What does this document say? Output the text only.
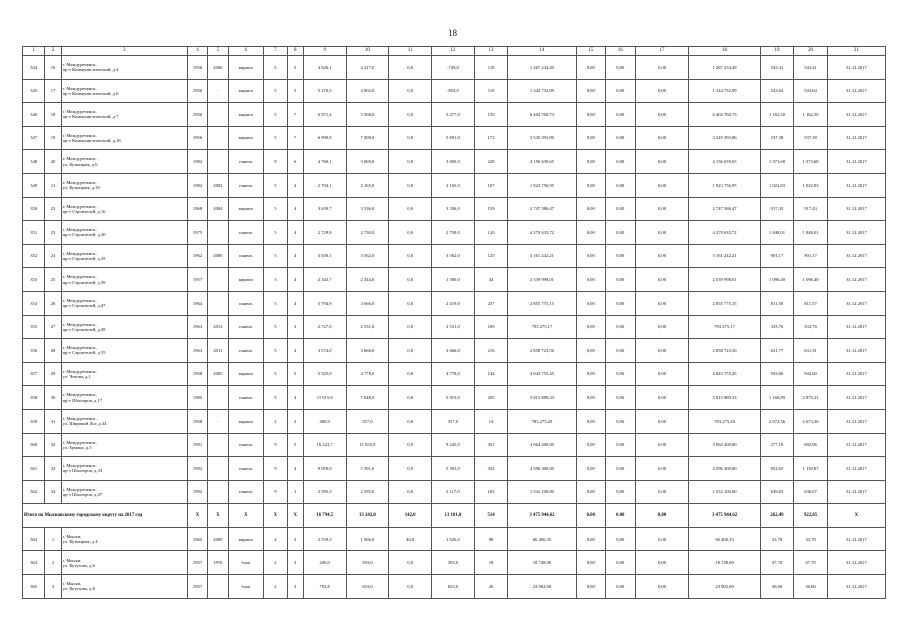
18
1	2	3	4	5	6	7	8	9	10	11	12	13	14	15	16	17	18	19	20	21
344	16	г. Междуреченск,
пр-т Коммунистический, д.4	1956	2006	кирпич	5	5	4 626,1	4 217,0	0,0	-749,0	110	1 267 234,49	0,00	0,00	0,00	1 267 234,49	543,41	543,41	31.12.2017
345	17	г. Междуреченск,
пр-т Коммунистический, д.6	1956	-	кирпич	5	5	5 270,3	4 802,0	0,0	-854,0	119	1 344 732,99	0,00	0,00	0,00	1 344 732,99	543,64	543,64	31.12.2017
346	18	г. Междуреченск,
пр-т Коммунистический, д.7	1956		кирпич	5	7	6 971,4	5 568,0	0,0	5 277,0	159	6 404 760,73	0,00	0,00	0,00	6 404 760,73	1 162,50	1 162,50	31.12.2017
347	19	г. Междуреченск,
пр-т Коммунистический, д.18	1956		кирпич	5	7	6 999,9	7 000,0	0,0	5 691,0	172	3 545 393,86	0,00	0,00	0,00	3 545 393,86	537,38	537,38	31.12.2017
348	20	г. Междуреченск,
ул. Кузнецкая, д.6	1982		панель	9	6	4 760,1	3 069,0	0,0	3 069,0	228	4 156 639,65	0,00	0,00	0,00	4 156 639,65	1 373,68	1 373,68	31.12.2017
349	21	г. Междуреченск,
ул. Кузнецкая, д.39	1982	2002	панель	5	4	2 704,1	2 165,0	0,0	2 165,0	107	1 923 756,95	0,00	0,00	0,00	1 923 756,95	1 022,83	1 022,83	31.12.2017
350	22	г. Междуреченск,
пр-т Строителей, д.16	1968	2004	кирпич	5	4	3 639,7	3 336,0	0,0	3 336,0	159	2 747 586,47	0,00	0,00	0,00	2 747 586,47	917,43	917,43	31.12.2017
351	23	г. Междуреченск,
пр-т Строителей, д.20	1975		панель	5	4	2 729,8	2 730,0	0,0	2 730,0	120	4 279 635,72	0,00	0,00	0,00	4 279 635,72	1 848,01	1 848,01	31.12.2017
352	24	г. Междуреченск,
пр-т Строителей, д.35	1962	2000	панель	5	4	3 650,1	3 562,0	0,0	3 562,0	125	3 161 242,21	0,00	0,00	0,00	3 161 242,21	901,17	901,17	31.12.2017
353	25	г. Междуреченск,
пр-т Строителей, д.39	1957		кирпич	3	4	2 343,7	2 344,0	0,0	1 580,0	44	2 539 998,01	0,00	0,00	0,00	2 539 998,01	1 096,40	1 096,40	31.12.2017
354	26	г. Междуреченск,
пр-т Строителей, д.47	1964		панель	5	4	5 794,9	3 666,0	0,0	2 419,0	237	2 855 775,15	0,00	0,00	0,00	2 855 775,15	811,50	811,57	31.12.2017
355	27	г. Междуреченск,
пр-т Строителей, д.49	1963	2013	панель	5	3	2 727,0	2 531,0	0,0	2 531,0	109	793 275,17	0,00	0,00	0,00	793 275,17	333,76	333,76	31.12.2017
356	28	г. Междуреченск,
пр-т Строителей, д.55	1963	2011	панель	5	4	3 574,0	3 666,0	0,0	3 666,0	216	2 858 723,56	0,00	0,00	0,00	2 858 723,56	631,77	631,91	31.12.2017
357	29	г. Междуреченск,
ул. Чехова, д.1	1958	2005	кирпич	5	5	5 325,0	4 778,0	0,0	4 778,0	144	4 043 755,45	0,00	0,00	0,00	4 043 755,45	943,60	943,60	31.12.2017
358	30	г. Междуреченск,
пр-т Шахтеров, д.17	1985		панель	9	4	11 915,6	7 048,0	0,0	5 915,0	295	5 815 889,33	0,00	0,00	0,00	5 815 889,33	1 168,89	2 875,21	31.12.2017
359	31	г. Междуреченск,
ул. Широкий Лог, д.34	1958	-	кирпич	2	2	400,9	357,0	0,0	357,0	14	783 275,20	0,00	0,00	0,00	783 275,20	2 673,36	2 673,36	31.12.2017
360	32	г. Междуреченск,
ул. Ермака, д.5	1991		панель	9	5	16 223,7	11 055,0	0,0	9 245,0	451	3 064 200,00	0,00	0,00	0,00	3 064 200,00	277,18	692,96	31.12.2017
361	33	г. Междуреченск,
пр-т Шахтеров, д.33	1992		панель	9	4	9 059,0	5 391,0	0,0	5 391,0	334	4 596 300,00	0,00	0,00	0,00	4 596 300,00	852,65	1 130,87	31.12.2017
362	34	г. Междуреченск,
пр-т Шахтеров, д.47	1992		панель	9	1	2 395,3	2 395,0	0,0	2 117,0	103	1 532 100,00	0,00	0,00	0,00	1 532 100,00	639,63	636,67	31.12.2017
Итого по Мысковскому городскому округу на 2017 год			X	X	X	X	X	16 794,5	13 242,0	142,0	13 101,0	514	3 475 944,62	0.00	0.00	0,00	3 475 944,62	262,49	922,65	X
363	1	г. Мыски,
ул. Кузнецкая, д.4	1965	2009	кирпич	4	3	2 539,3	1 966,0	40,0	1 926,0	98	66 406,35	0,00	0,00	0,00	66 406,35	33,78	33,78	31.12.2017
364	2	г. Мыски,
ул. Кутузова, д.6	1957	1976	блок	2	2	436,0	393,0	0,0	393,0	18	18 748,00	0,00	0,00	0,00	18 748,00	47,70	47,70	31.12.2017
365	3	г. Мыски,
ул. Кутузова, д.8	1957		блок	2	2	703,8	653,0	0,0	653,0	26	23 902,00	0,00	0,00	0,00	23 902,00	36,60	36,60	31.12.2017
